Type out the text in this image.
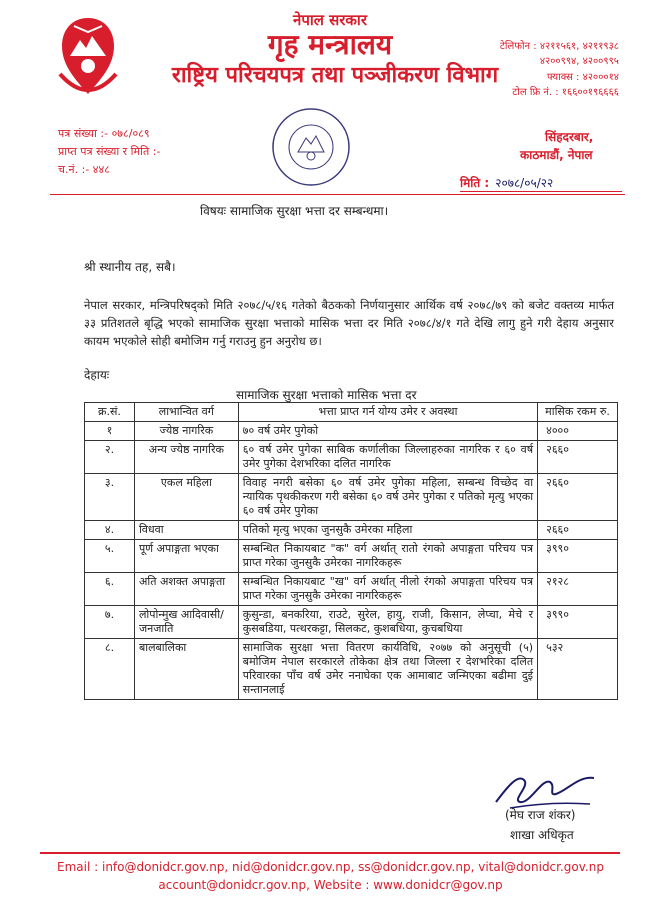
नेपाल सरकार
गृह मन्त्रालय
राष्ट्रिय परिचयपत्र तथा पञ्जीकरण विभाग
टेलिफोन : ४२११५६१, ४२११९३८
४२००९९४, ४२००९९५
फ्याक्स : ४२०००१४
टोल फ्रि नं. : १६६००१९६६६६
पत्र संख्या :- ०७८/०८९
प्राप्त पत्र संख्या र मिति :-
च.नं. :- ४४८
सिंहदरबार,
काठमाडौं, नेपाल
मिति : २०७८/०५/२२
विषयः सामाजिक सुरक्षा भत्ता दर सम्बन्धमा।
श्री स्थानीय तह, सबै।
नेपाल सरकार, मन्त्रिपरिषद्को मिति २०७८/५/१६ गतेको बैठकको निर्णयानुसार आर्थिक वर्ष २०७८/७९ को बजेट वक्तव्य मार्फत ३३ प्रतिशतले बृद्धि भएको सामाजिक सुरक्षा भत्ताको मासिक भत्ता दर मिति २०७८/४/१ गते देखि लागु हुने गरी देहाय अनुसार कायम भएकोले सोही बमोजिम गर्नु गराउनु हुन अनुरोध छ।
देहायः
सामाजिक सुरक्षा भत्ताको मासिक भत्ता दर
क्र.सं.	लाभान्वित वर्ग	भत्ता प्राप्त गर्न योग्य उमेर र अवस्था	मासिक रकम रु.
१	ज्येष्ठ नागरिक	७० वर्ष उमेर पुगेको	४०००
२.	अन्य ज्येष्ठ नागरिक	६० वर्ष उमेर पुगेका साबिक कर्णालीका जिल्लाहरुका नागरिक र ६० वर्ष उमेर पुगेका देशभरिका दलित नागरिक	२६६०
३.	एकल महिला	विवाह नगरी बसेका ६० वर्ष उमेर पुगेका महिला, सम्बन्ध विच्छेद वा न्यायिक पृथकीकरण गरी बसेका ६० वर्ष उमेर पुगेका र पतिको मृत्यु भएका ६० वर्ष उमेर पुगेका	२६६०
४.	विधवा	पतिको मृत्यु भएका जुनसुकै उमेरका महिला	२६६०
५.	पूर्ण अपाङ्गता भएका	सम्बन्धित निकायबाट "क" वर्ग अर्थात् रातो रंगको अपाङ्गता परिचय पत्र प्राप्त गरेका जुनसुकै उमेरका नागरिकहरू	३९९०
६.	अति अशक्त अपाङ्गता	सम्बन्धित निकायबाट "ख" वर्ग अर्थात् नीलो रंगको अपाङ्गता परिचय पत्र प्राप्त गरेका जुनसुकै उमेरका नागरिकहरू	२१२८
७.	लोपोन्मुख आदिवासी/ जनजाति	कुसुन्डा, बनकरिया, राउटे, सुरेल, हायु, राजी, किसान, लेप्चा, मेचे र कुसबडिया, पत्थरकट्टा, सिलकट, कुशबधिया, कुचबधिया	३९९०
८.	बालबालिका	सामाजिक सुरक्षा भत्ता वितरण कार्यविधि, २०७७ को अनुसूची (५) बमोजिम नेपाल सरकारले तोकेका क्षेत्र तथा जिल्ला र देशभरिका दलित परिवारका पाँच वर्ष उमेर ननाघेका एक आमाबाट जन्मिएका बढीमा दुई सन्तानलाई	५३२
(मेघ राज शंकर)
शाखा अधिकृत
Email : info@donidcr.gov.np, nid@donidcr.gov.np, ss@donidcr.gov.np, vital@donidcr.gov.np
account@donidcr.gov.np, Website : www.donidcr@gov.np
